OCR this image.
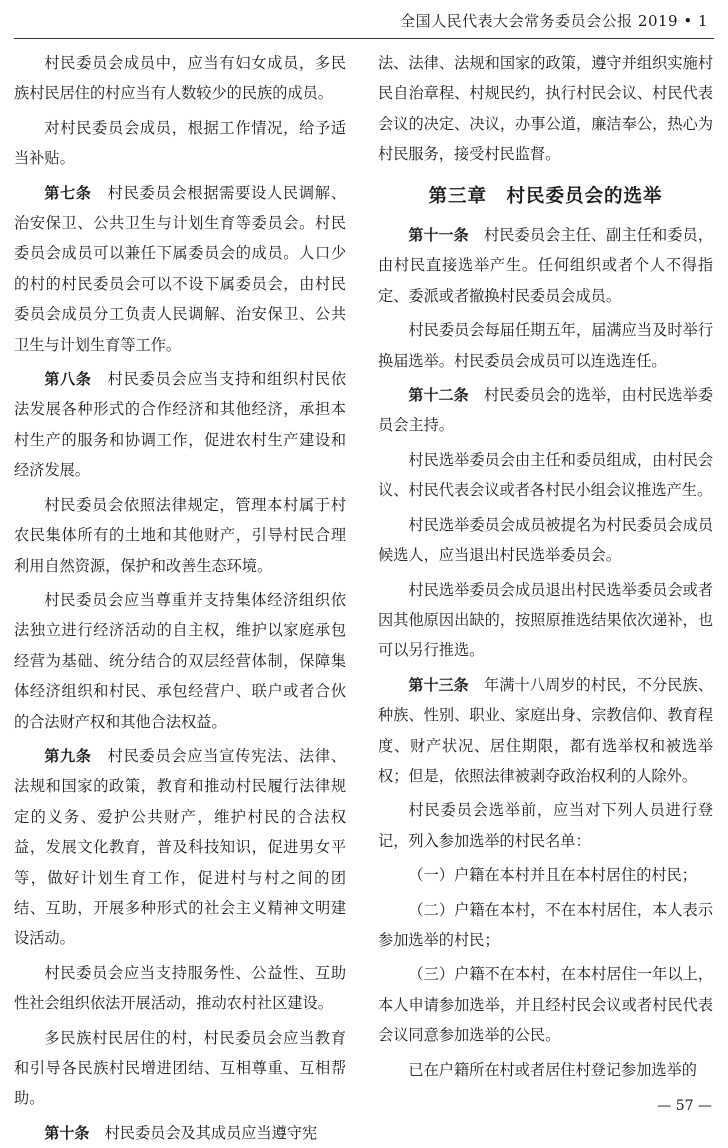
全国人民代表大会常务委员会公报 2019 • 1

村民委员会成员中，应当有妇女成员，多民族村民居住的村应当有人数较少的民族的成员。

对村民委员会成员，根据工作情况，给予适当补贴。

第七条　 村民委员会根据需要设人民调解、治安保卫、公共卫生与计划生育等委员会。村民委员会成员可以兼任下属委员会的成员。人口少的村的村民委员会可以不设下属委员会，由村民委员会成员分工负责人民调解、治安保卫、公共卫生与计划生育等工作。

第八条　 村民委员会应当支持和组织村民依法发展各种形式的合作经济和其他经济，承担本村生产的服务和协调工作，促进农村生产建设和经济发展。

村民委员会依照法律规定，管理本村属于村农民集体所有的土地和其他财产，引导村民合理利用自然资源，保护和改善生态环境。

村民委员会应当尊重并支持集体经济组织依法独立进行经济活动的自主权，维护以家庭承包经营为基础、统分结合的双层经营体制，保障集体经济组织和村民、承包经营户、联户或者合伙的合法财产权和其他合法权益。

第九条　 村民委员会应当宣传宪法、法律、法规和国家的政策，教育和推动村民履行法律规定的义务、爱护公共财产，维护村民的合法权益，发展文化教育，普及科技知识，促进男女平等，做好计划生育工作，促进村与村之间的团结、互助，开展多种形式的社会主义精神文明建设活动。

村民委员会应当支持服务性、公益性、互助性社会组织依法开展活动，推动农村社区建设。

多民族村民居住的村，村民委员会应当教育和引导各民族村民增进团结、互相尊重、互相帮助。

第十条　 村民委员会及其成员应当遵守宪

法、法律、法规和国家的政策，遵守并组织实施村民自治章程、村规民约，执行村民会议、村民代表会议的决定、决议，办事公道，廉洁奉公，热心为村民服务，接受村民监督。

第三章　村民委员会的选举

第十一条　 村民委员会主任、副主任和委员，由村民直接选举产生。任何组织或者个人不得指定、委派或者撤换村民委员会成员。

村民委员会每届任期五年，届满应当及时举行换届选举。村民委员会成员可以连选连任。

第十二条　 村民委员会的选举，由村民选举委员会主持。

村民选举委员会由主任和委员组成，由村民会议、村民代表会议或者各村民小组会议推选产生。

村民选举委员会成员被提名为村民委员会成员候选人，应当退出村民选举委员会。

村民选举委员会成员退出村民选举委员会或者因其他原因出缺的，按照原推选结果依次递补，也可以另行推选。

第十三条　 年满十八周岁的村民，不分民族、种族、性别、职业、家庭出身、宗教信仰、教育程度、财产状况、居住期限，都有选举权和被选举权；但是，依照法律被剥夺政治权利的人除外。

村民委员会选举前，应当对下列人员进行登记，列入参加选举的村民名单：

（一）户籍在本村并且在本村居住的村民；

（二）户籍在本村，不在本村居住，本人表示参加选举的村民；

（三）户籍不在本村，在本村居住一年以上，本人申请参加选举，并且经村民会议或者村民代表会议同意参加选举的公民。

已在户籍所在村或者居住村登记参加选举的

— 57 —
